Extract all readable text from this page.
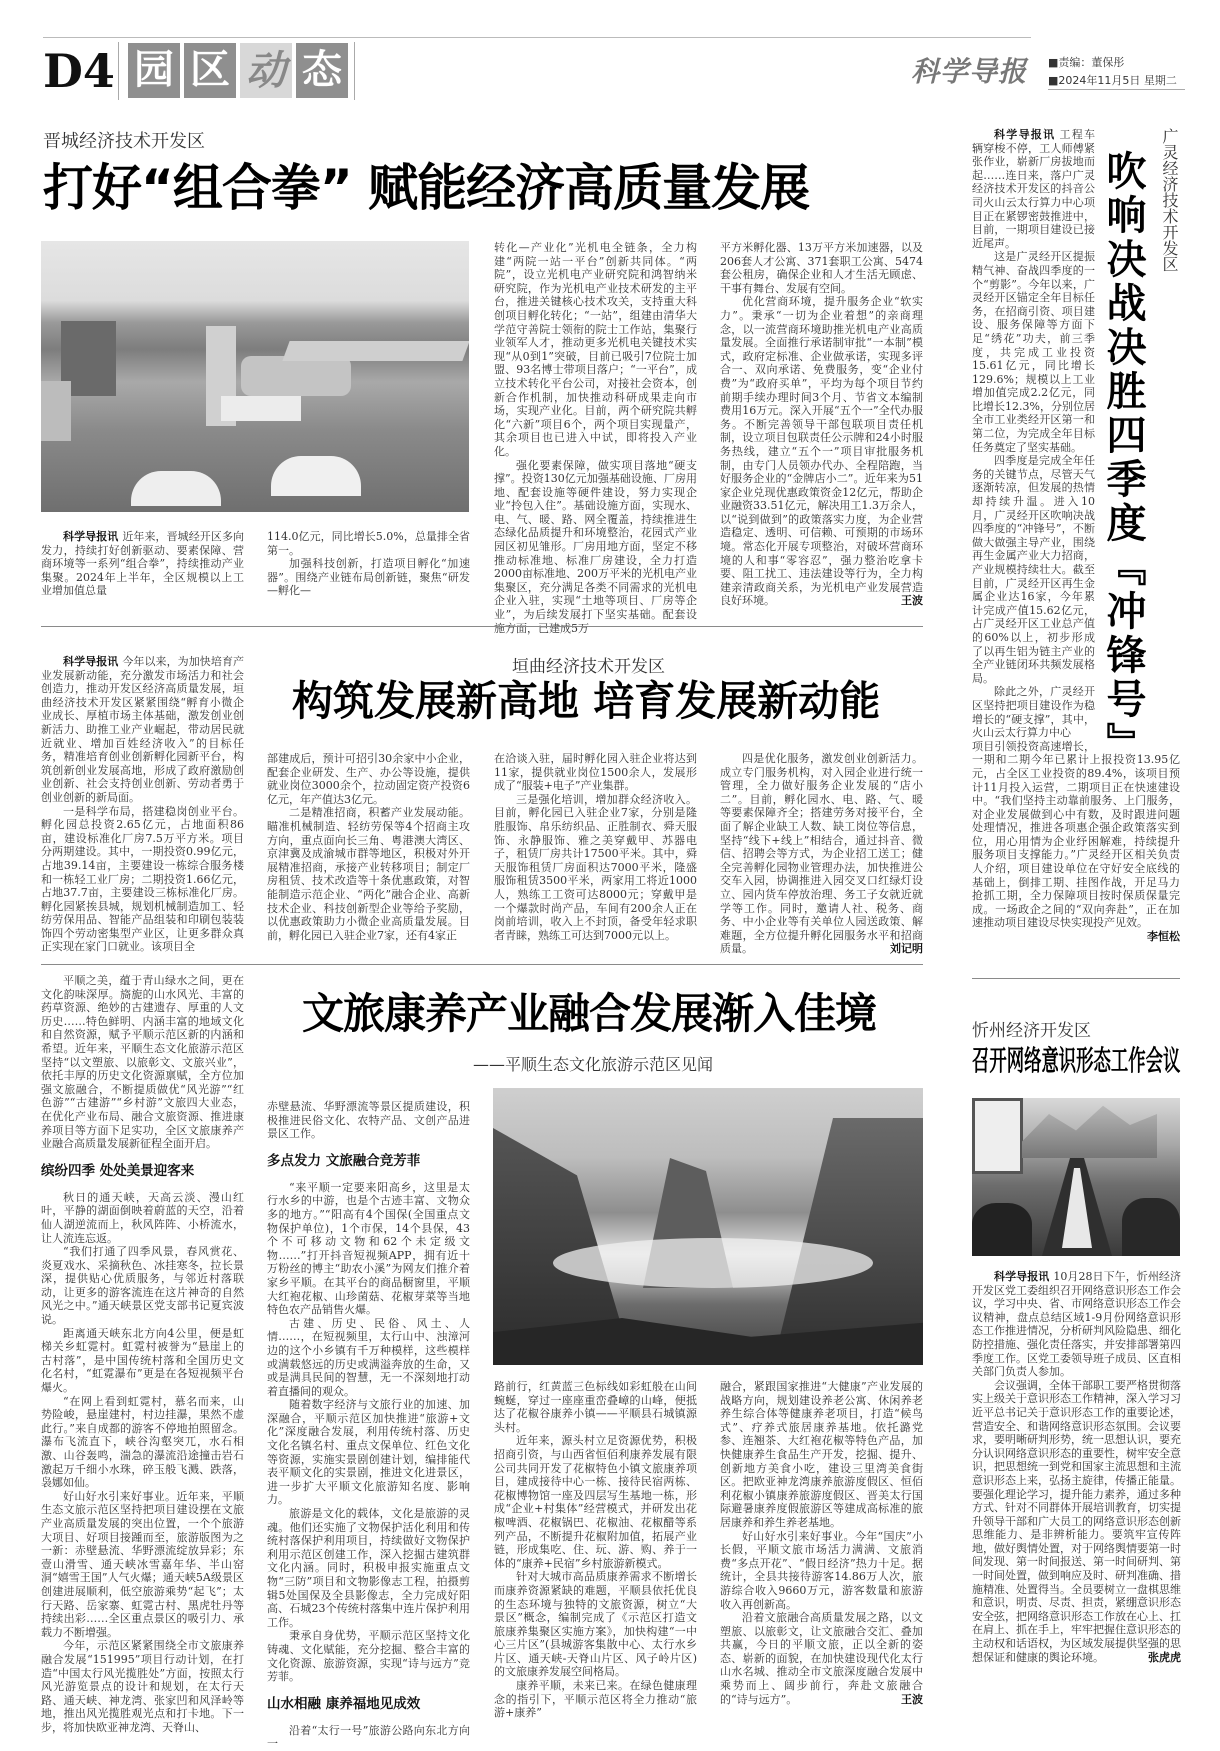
D4 园 区 动 态	科学导报 ■责编：董保彤
■2024年11月5日 星期二
晋城经济技术开发区
打好“组合拳” 赋能经济高质量发展

科学导报讯 近年来，晋城经开区多向发力，持续打好创新驱动、要素保障、营商环境等一系列“组合拳”，持续推动产业集聚。2024年上半年，全区规模以上工业增加值总量

114.0亿元，同比增长5.0%，总量排全省第一。

加强科技创新，打造项目孵化“加速器”。围绕产业链布局创新链，聚焦“研发—孵化—

转化—产业化”光机电全链条，全力构建“两院一站一平台”创新共同体。“两院”，设立光机电产业研究院和鸿智纳米研究院，作为光机电产业技术研发的主平台，推进关键核心技术攻关，支持重大科创项目孵化转化；“一站”，组建由清华大学范守善院士领衔的院士工作站，集聚行业领军人才，推动更多光机电关键技术实现“从0到1”突破，目前已吸引7位院士加盟、93名博士带项目落户；“一平台”，成立技术转化平台公司，对接社会资本，创新合作机制，加快推动科研成果走向市场，实现产业化。目前，两个研究院共孵化“六新”项目6个，两个项目实现量产，其余项目也已进入中试，即将投入产业化。

强化要素保障，做实项目落地“硬支撑”。投资130亿元加强基础设施、厂房用地、配套设施等硬件建设，努力实现企业“拎包入住”。基础设施方面，实现水、电、气、暖、路、网全覆盖，持续推进生态绿化品质提升和环境整治，花园式产业园区初见雏形。厂房用地方面，坚定不移推动标准地、标准厂房建设，全力打造2000亩标准地、200万平米的光机电产业集聚区，充分满足各类不同需求的光机电企业入驻，实现“土地等项目、厂房等企业”，为后续发展打下坚实基础。配套设施方面，已建成5万

平方米孵化器、13万平方米加速器，以及206套人才公寓、371套职工公寓、5474套公租房，确保企业和人才生活无顾虑、干事有舞台、发展有空间。

优化营商环境，提升服务企业“软实力”。秉承“一切为企业着想”的亲商理念，以一流营商环境助推光机电产业高质量发展。全面推行承诺制审批“一本制”模式，政府定标准、企业做承诺，实现多评合一、双向承诺、免费服务，变“企业付费”为“政府买单”，平均为每个项目节约前期手续办理时间3个月、节省文本编制费用16万元。深入开展“五个一”全代办服务。不断完善领导干部包联项目责任机制，设立项目包联责任公示牌和24小时服务热线，建立“五个一”项目审批服务机制，由专门人员领办代办、全程陪跑，当好服务企业的“金牌店小二”。近年来为51家企业兑现优惠政策资金12亿元，帮助企业融资33.51亿元，解决用工1.3万余人，以“说到做到”的政策落实力度，为企业营造稳定、透明、可信赖、可预期的市场环境。常态化开展专项整治，对破坏营商环境的人和事“零容忍”，强力整治吃拿卡要、阻工扰工、违法建设等行为，全力构建亲清政商关系，为光机电产业发展营造良好环境。	王波

广灵经济技术开发区
吹响决战决胜四季度『冲锋号』

科学导报讯 工程车辆穿梭不停，工人师傅紧张作业，崭新厂房拔地而起……连日来，落户广灵经济技术开发区的抖音公司火山云太行算力中心项目正在紧锣密鼓推进中，目前，一期项目建设已接近尾声。

这是广灵经开区提振精气神、奋战四季度的一个“剪影”。今年以来，广灵经开区锚定全年目标任务，在招商引资、项目建设、服务保障等方面下足“绣花”功夫，前三季度，共完成工业投资15.61亿元，同比增长129.6%；规模以上工业增加值完成2.2亿元，同比增长12.3%，分别位居全市工业类经开区第一和第二位，为完成全年目标任务奠定了坚实基础。

四季度是完成全年任务的关键节点，尽管天气逐渐转凉，但发展的热情却持续升温。进入10月，广灵经开区吹响决战四季度的“冲锋号”，不断做大做强主导产业，围绕再生金属产业大力招商，产业规模持续壮大。截至目前，广灵经开区再生金属企业达16家，今年累计完成产值15.62亿元，占广灵经开区工业总产值的60%以上，初步形成了以再生铝为链主产业的全产业链闭环共频发展格局。

除此之外，广灵经开区坚持把项目建设作为稳增长的“硬支撑”，其中，火山云太行算力中心

项目引领投资高速增长，一期和二期今年已累计上报投资13.95亿元，占全区工业投资的89.4%，该项目预计11月投入运营，二期项目正在快速建设中。“我们坚持主动靠前服务、上门服务，对企业发展做到心中有数，及时跟进问题处理情况，推进各项惠企强企政策落实到位，用心用情为企业纾困解难，持续提升服务项目支撑能力。”广灵经开区相关负责人介绍，项目建设单位在守好安全底线的基础上，倒排工期、挂图作战，开足马力抢抓工期，全力保障项目按时保质保量完成。一场政企之间的“双向奔赴”，正在加速推动项目建设尽快实现投产见效。
李恒松

科学导报讯 今年以来，为加快培育产业发展新动能，充分激发市场活力和社会创造力，推动开发区经济高质量发展，垣曲经济技术开发区紧紧围绕“孵育小微企业成长、厚植市场主体基础，激发创业创新活力、助推工业产业崛起，带动居民就近就业、增加百姓经济收入”的目标任务，精准培育创业创新孵化园新平台，构筑创新创业发展高地，形成了政府激励创业创新、社会支持创业创新、劳动者勇于创业创新的新局面。

一是科学布局，搭建稳岗创业平台。孵化园总投资2.65亿元，占地面积86亩，建设标准化厂房7.5万平方米。项目分两期建设。其中，一期投资0.99亿元，占地39.14亩，主要建设一栋综合服务楼和一栋轻工业厂房；二期投资1.66亿元，占地37.7亩，主要建设三栋标准化厂房。孵化园紧挨县城，规划机械制造加工、轻纺劳保用品、智能产品组装和印刷包装装饰四个劳动密集型产业区，让更多群众真正实现在家门口就业。该项目全

垣曲经济技术开发区
构筑发展新高地 培育发展新动能

部建成后，预计可招引30余家中小企业，配套企业研发、生产、办公等设施，提供就业岗位3000余个，拉动固定资产投资6亿元，年产值达3亿元。

二是精准招商，积蓄产业发展动能。瞄准机械制造、轻纺劳保等4个招商主攻方向，重点面向长三角、粤港澳大湾区、京津冀及成渝城市群等地区，积极对外开展精准招商，承接产业转移项目；制定厂房租赁、技术改造等十条优惠政策，对智能制造示范企业、“两化”融合企业、高新技术企业、科技创新型企业等给予奖励，以优惠政策助力小微企业高质量发展。目前，孵化园已入驻企业7家，还有4家正

在洽谈入驻，届时孵化园入驻企业将达到11家，提供就业岗位1500余人，发展形成了“服装+电子”产业集群。

三是强化培训，增加群众经济收入。目前，孵化园已入驻企业7家，分别是隆胜服饰、帛乐纺织品、正胜制衣、舜天服饰、永静服饰、雅之美穿戴甲、苏器电子，租赁厂房共计17500平米。其中，舜天服饰租赁厂房面积达7000平米，隆盛服饰租赁3500平米，两家用工将近1000人，熟练工工资可达8000元；穿戴甲是一个爆款时尚产品，车间有200余人正在岗前培训，收入上不封顶，备受年轻求职者青睐，熟练工可达到7000元以上。

四是优化服务，激发创业创新活力。成立专门服务机构，对入园企业进行统一管理，全力做好服务企业发展的“店小二”。目前，孵化园水、电、路、气、暖等要素保障齐全；搭建劳务对接平台，全面了解企业缺工人数、缺工岗位等信息，坚持“线下+线上”相结合，通过抖音、微信、招聘会等方式，为企业招工送工；健全完善孵化园物业管理办法，加快推进公交车入园，协调推进入园交叉口红绿灯设立、园内货车停放治理、务工子女就近就学等工作。同时，邀请人社、税务、商务、中小企业等有关单位人园送政策、解难题，全方位提升孵化园服务水平和招商质量。	刘记明

文旅康养产业融合发展渐入佳境
——平顺生态文化旅游示范区见闻

平顺之美，蕴于青山绿水之间，更在文化韵味深厚。旖旎的山水风光、丰富的药草资源、绝妙的古建遗存、厚重的人文历史……特色鲜明、内涵丰富的地域文化和自然资源，赋予平顺示范区新的内涵和希望。近年来，平顺生态文化旅游示范区坚持“以文塑旅、以旅彰文、文旅兴业”，依托丰厚的历史文化资源禀赋，全方位加强文旅融合，不断提质做优“风光游”“红色游”“古建游”“乡村游”文旅四大业态，在优化产业布局、融合文旅资源、推进康养项目等方面下足实功，全区文旅康养产业融合高质量发展新征程全面开启。

缤纷四季 处处美景迎客来

秋日的通天峡，天高云淡、漫山红叶，平静的湖面倒映着蔚蓝的天空，沿着仙人湖逆流而上，秋风阵阵、小桥流水，让人流连忘返。

“我们打通了四季风景，春风赏花、炎夏戏水、采摘秋色、冰挂寒冬，拉长景深，提供贴心优质服务，与邻近村落联动，让更多的游客流连在这片神奇的自然风光之中。”通天峡景区党支部书记夏宾波说。

距离通天峡东北方向4公里，便是虹梯关乡虹霓村。虹霓村被誉为“悬崖上的古村落”，是中国传统村落和全国历史文化名村，“虹霓瀑布”更是在各短视频平台爆火。

“在网上看到虹霓村，慕名而来，山势险峻，悬崖建村，村边挂瀑，果然不虚此行。”来自成都的游客不停地拍照留念。瀑布飞流直下，峡谷沟壑突兀，水石相激、山谷轰鸣，湍急的瀑流沿途撞击岩石激起万千细小水珠，碎玉般飞溅、跌落，袅娜如仙。

好山好水引来好事业。近年来，平顺生态文旅示范区坚持把项目建设摆在文旅产业高质量发展的突出位置，一个个旅游大项目、好项目接踵而至，旅游版图为之一新：赤壁悬流、华野漂流绽放异彩；东壹山滑雪、通天峡冰雪嘉年华、半山窑洞“嬉雪王国”人气火爆；通天峡5A级景区创建进展顺利，低空旅游乘势“起飞”；太行天路、岳家寨、虹霓古村、黑虎牡丹等持续出彩……全区重点景区的吸引力、承载力不断增强。

今年，示范区紧紧围绕全市文旅康养融合发展“151995”项目行动计划，在打造“中国太行风光揽胜处”方面，按照太行风光游览景点的设计和规划，在太行天路、通天峡、神龙湾、张家凹和风泽岭等地，推出风光揽胜观光点和打卡地。下一步，将加快欧亚神龙湾、天脊山、

赤壁悬流、华野漂流等景区提质建设，积极推进民俗文化、农特产品、文创产品进景区工作。

多点发力 文旅融合竞芳菲

“来平顺一定要来阳高乡，这里是太行水乡的中游，也是个古迹丰富、文物众多的地方。”“阳高有4个国保(全国重点文物保护单位)，1个市保，14个县保，43个不可移动文物和62个未定级文物……”打开抖音短视频APP，拥有近十万粉丝的博主“助农小溪”为网友们推介着家乡平顺。在其平台的商品橱窗里，平顺大红袍花椒、山珍菌菇、花椒芽菜等当地特色农产品销售火爆。

古建、历史、民俗、风土、人情……，在短视频里，太行山中、浊漳河边的这个小乡镇有千万种模样，这些模样或满载悠远的历史或满溢奔放的生命，又或是满具民间的智慧，无一不深刻地打动着直播间的观众。

随着数字经济与文旅行业的加速、加深融合，平顺示范区加快推进“旅游+文化”深度融合发展，利用传统村落、历史文化名镇名村、重点文保单位、红色文化等资源，实施实景剧创建计划，编排能代表平顺文化的实景剧，推进文化进景区，进一步扩大平顺文化旅游知名度、影响力。

旅游是文化的载体，文化是旅游的灵魂。他们还实施了文物保护活化利用和传统村落保护利用项目，持续做好文物保护利用示范区创建工作，深入挖掘古建筑群文化内涵。同时，积极申报实施重点文物“三防”项目和文物影像志工程，拍摄剪辑5处国保及全县影像志，全力完成好阳高、石城23个传统村落集中连片保护利用工作。

秉承自身优势，平顺示范区坚持文化铸魂、文化赋能，充分挖掘、整合丰富的文化资源、旅游资源，实现“诗与远方”竞芳菲。

山水相融 康养福地见成效

沿着“太行一号”旅游公路向东北方向一

路前行，红黄蓝三色标线如彩虹般在山间蜿蜒，穿过一座座重峦叠嶂的山峰，便抵达了花椒谷康养小镇——平顺县石城镇源头村。

近年来，源头村立足资源优势，积极招商引资，与山西省恒佰利康养发展有限公司共同开发了花椒特色小镇文旅康养项目，建成接待中心一栋、接待民宿两栋、花椒博物馆一座及四层写生基地一栋，形成“企业+村集体”经营模式，并研发出花椒啤酒、花椒锅巴、花椒油、花椒醋等系列产品，不断提升花椒附加值，拓展产业链，形成集吃、住、玩、游、购、养于一体的“康养+民宿”乡村旅游新模式。

针对大城市高品质康养需求不断增长而康养资源紧缺的难题，平顺县依托优良的生态环境与独特的文旅资源，树立“大景区”概念，编制完成了《示范区打造文旅康养集聚区实施方案》，加快构建“一中心三片区”(县城游客集散中心、太行水乡片区、通天峡-天脊山片区、风子岭片区)的文旅康养发展空间格局。

康养平顺，未来已来。在绿色健康理念的指引下，平顺示范区将全力推动“旅游+康养”

融合，紧跟国家推进“大健康”产业发展的战略方向，规划建设养老公寓、休闲养老养生综合体等健康养老项目，打造“候鸟式”、疗养式旅居康养基地。依托潞党参、连翘茶、大红袍花椒等特色产品，加快健康养生食品生产开发，挖掘、提升、创新地方美食小吃，建设三里湾美食街区。把欧亚神龙湾康养旅游度假区、恒佰利花椒小镇康养旅游度假区、晋美太行国际避暑康养度假旅游区等建成高标准的旅居康养和养生养老基地。

好山好水引来好事业。今年“国庆”小长假，平顺文旅市场活力满满、文旅消费“多点开花”、“假日经济”热力十足。据统计，全县共接待游客14.86万人次，旅游综合收入9660万元，游客数量和旅游收入再创新高。

沿着文旅融合高质量发展之路，以文塑旅、以旅彰文，让文旅融合交汇、叠加共赢，今日的平顺文旅，正以全新的姿态、崭新的面貌，在加快建设现代化太行山水名城、推动全市文旅深度融合发展中乘势而上、阔步前行，奔赴文旅融合的“诗与远方”。	王波

忻州经济开发区
召开网络意识形态工作会议

科学导报讯 10月28日下午，忻州经济开发区党工委组织召开网络意识形态工作会议，学习中央、省、市网络意识形态工作会议精神，盘点总结区域1-9月份网络意识形态工作推进情况，分析研判风险隐患、细化防控措施、强化责任落实，并安排部署第四季度工作。区党工委领导班子成员、区直相关部门负责人参加。

会议强调，全体干部职工要严格贯彻落实上级关于意识形态工作精神，深入学习习近平总书记关于意识形态工作的重要论述，营造安全、和谐网络意识形态氛围。会议要求，要明晰研判形势，统一思想认识，要充分认识网络意识形态的重要性，树牢安全意识，把思想统一到党和国家主流思想和主流意识形态上来，弘扬主旋律，传播正能量。要强化理论学习，提升能力素养，通过多种方式、针对不同群体开展培训教育，切实提升领导干部和广大员工的网络意识形态创新思维能力、是非辨析能力。要筑牢宣传阵地，做好舆情处置，对于网络舆情要第一时间发现、第一时间报送、第一时间研判、第一时间处置，做到响应及时、研判准确、措施精准、处置得当。全员要树立一盘棋思维和意识，明责、尽责、担责，紧绷意识形态安全弦，把网络意识形态工作放在心上、扛在肩上、抓在手上，牢牢把握住意识形态的主动权和话语权，为区域发展提供坚强的思想保证和健康的舆论环境。	张虎虎
